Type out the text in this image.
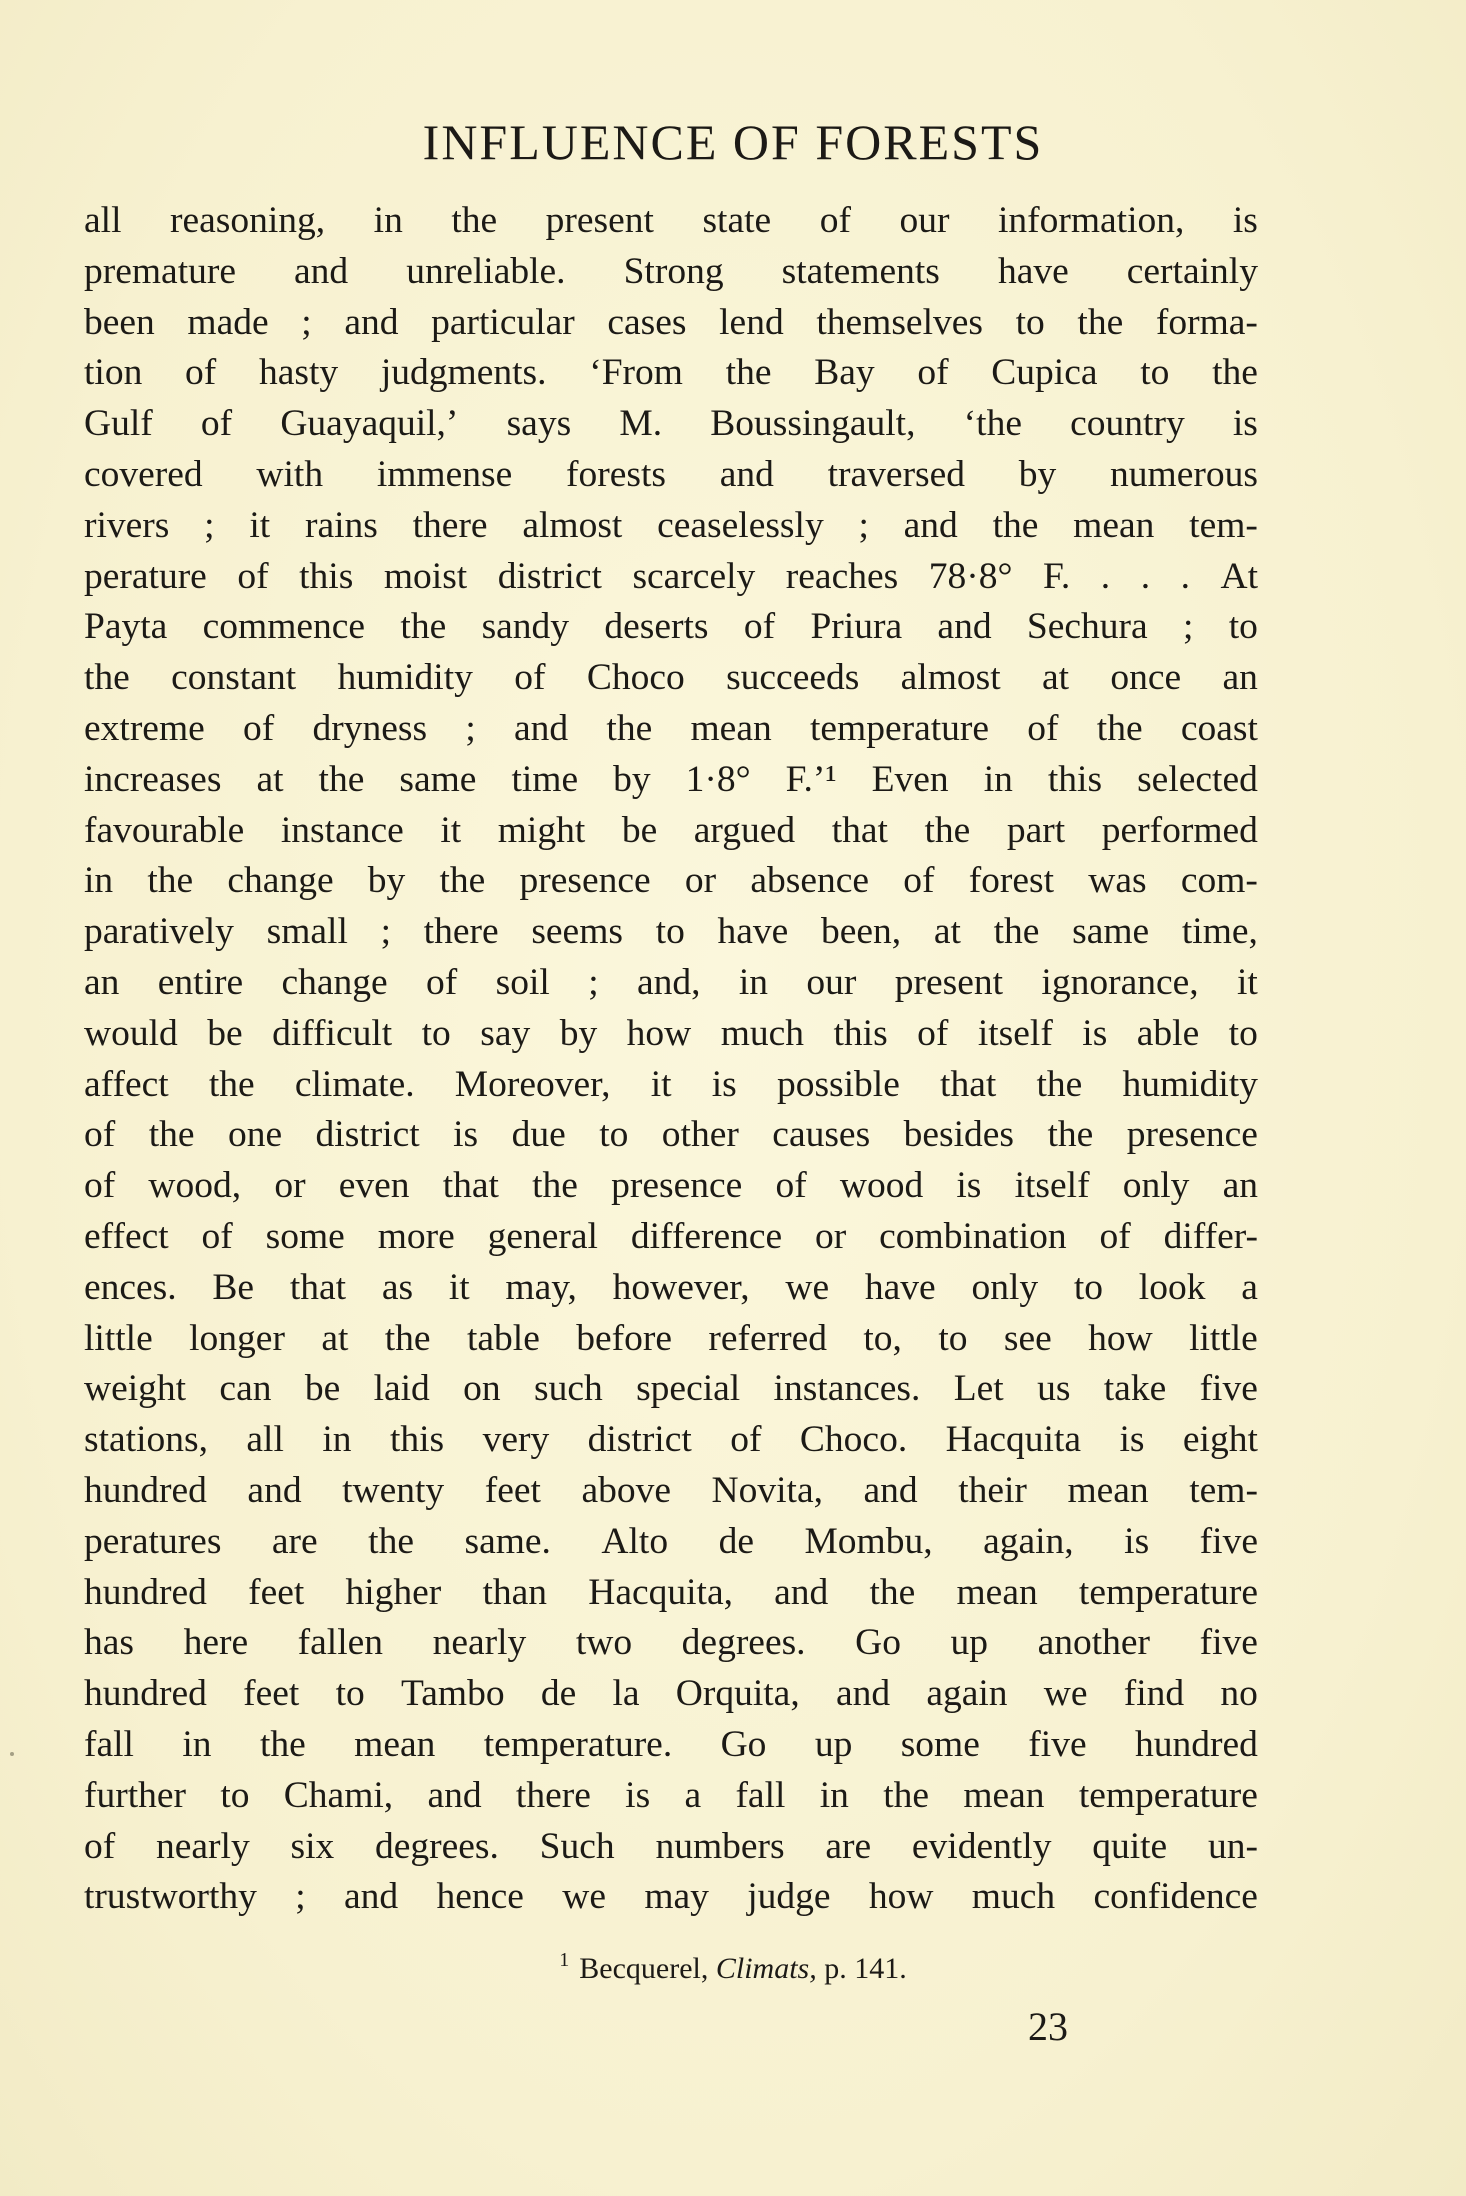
INFLUENCE OF FORESTS
all reasoning, in the present state of our information, is
premature and unreliable. Strong statements have certainly
been made ; and particular cases lend themselves to the forma-
tion of hasty judgments. ‘From the Bay of Cupica to the
Gulf of Guayaquil,’ says M. Boussingault, ‘the country is
covered with immense forests and traversed by numerous
rivers ; it rains there almost ceaselessly ; and the mean tem-
perature of this moist district scarcely reaches 78·8° F. . . . At
Payta commence the sandy deserts of Priura and Sechura ; to
the constant humidity of Choco succeeds almost at once an
extreme of dryness ; and the mean temperature of the coast
increases at the same time by 1·8° F.’¹ Even in this selected
favourable instance it might be argued that the part performed
in the change by the presence or absence of forest was com-
paratively small ; there seems to have been, at the same time,
an entire change of soil ; and, in our present ignorance, it
would be difficult to say by how much this of itself is able to
affect the climate. Moreover, it is possible that the humidity
of the one district is due to other causes besides the presence
of wood, or even that the presence of wood is itself only an
effect of some more general difference or combination of differ-
ences. Be that as it may, however, we have only to look a
little longer at the table before referred to, to see how little
weight can be laid on such special instances. Let us take five
stations, all in this very district of Choco. Hacquita is eight
hundred and twenty feet above Novita, and their mean tem-
peratures are the same. Alto de Mombu, again, is five
hundred feet higher than Hacquita, and the mean temperature
has here fallen nearly two degrees. Go up another five
hundred feet to Tambo de la Orquita, and again we find no
fall in the mean temperature. Go up some five hundred
further to Chami, and there is a fall in the mean temperature
of nearly six degrees. Such numbers are evidently quite un-
trustworthy ; and hence we may judge how much confidence
$^1$ Becquerel, Climats, p. 141.
23
